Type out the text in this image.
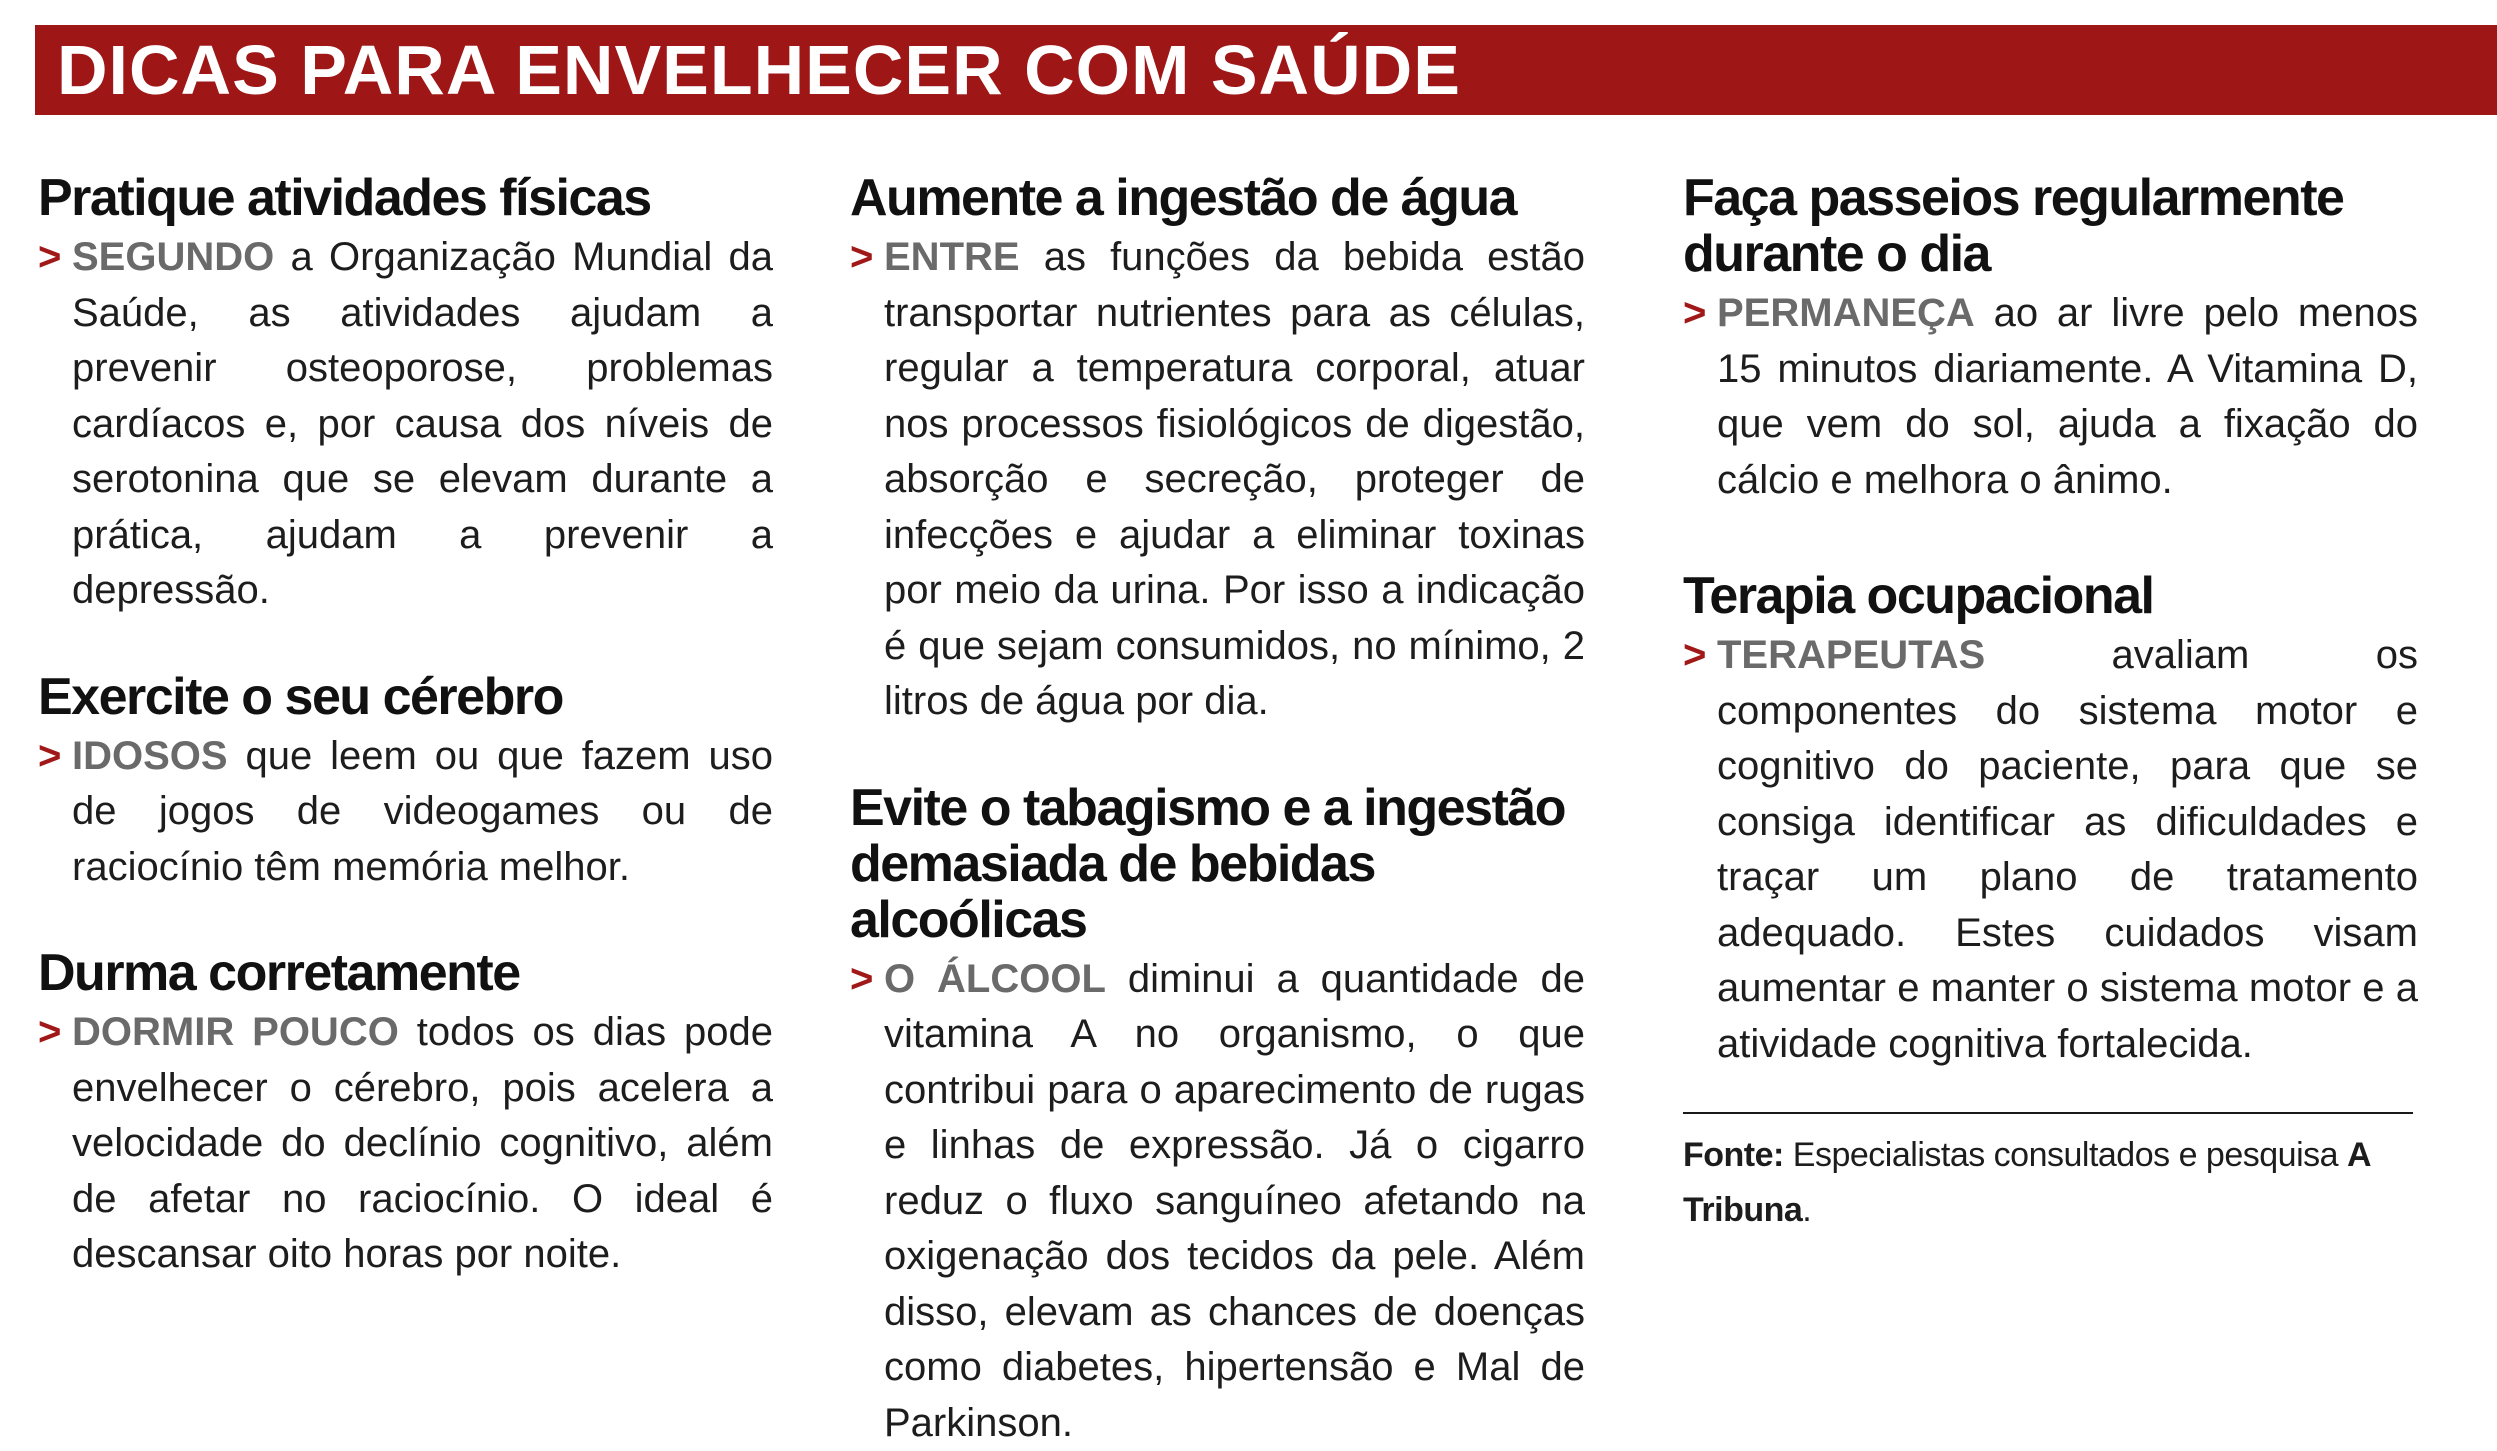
DICAS PARA ENVELHECER COM SAÚDE
Pratique atividades físicas

> SEGUNDO a Organização Mundial da Saúde, as atividades ajudam a prevenir osteoporose, problemas cardíacos e, por causa dos níveis de serotonina que se elevam durante a prática, ajudam a prevenir a depressão.

Exercite o seu cérebro

> IDOSOS que leem ou que fazem uso de jogos de videogames ou de raciocínio têm memória melhor.

Durma corretamente

> DORMIR POUCO todos os dias pode envelhecer o cérebro, pois acelera a velocidade do declínio cognitivo, além de afetar no raciocínio. O ideal é descansar oito horas por noite.

Aumente a ingestão de água

> ENTRE as funções da bebida estão transportar nutrientes para as células, regular a temperatura corporal, atuar nos processos fisiológicos de digestão, absorção e secreção, proteger de infecções e ajudar a eliminar toxinas por meio da urina. Por isso a indicação é que sejam consumidos, no mínimo, 2 litros de água por dia.

Evite o tabagismo e a ingestão demasiada de bebidas alcoólicas

> O ÁLCOOL diminui a quantidade de vitamina A no organismo, o que contribui para o aparecimento de rugas e linhas de expressão. Já o cigarro reduz o fluxo sanguíneo afetando na oxigenação dos tecidos da pele. Além disso, elevam as chances de doenças como diabetes, hipertensão e Mal de Parkinson.

Faça passeios regularmente durante o dia

> PERMANEÇA ao ar livre pelo menos 15 minutos diariamente. A Vitamina D, que vem do sol, ajuda a fixação do cálcio e melhora o ânimo.

Terapia ocupacional

> TERAPEUTAS avaliam os componentes do sistema motor e cognitivo do paciente, para que se consiga identificar as dificuldades e traçar um plano de tratamento adequado. Estes cuidados visam aumentar e manter o sistema motor e a atividade cognitiva fortalecida.

Fonte: Especialistas consultados e pesquisa A Tribuna.
